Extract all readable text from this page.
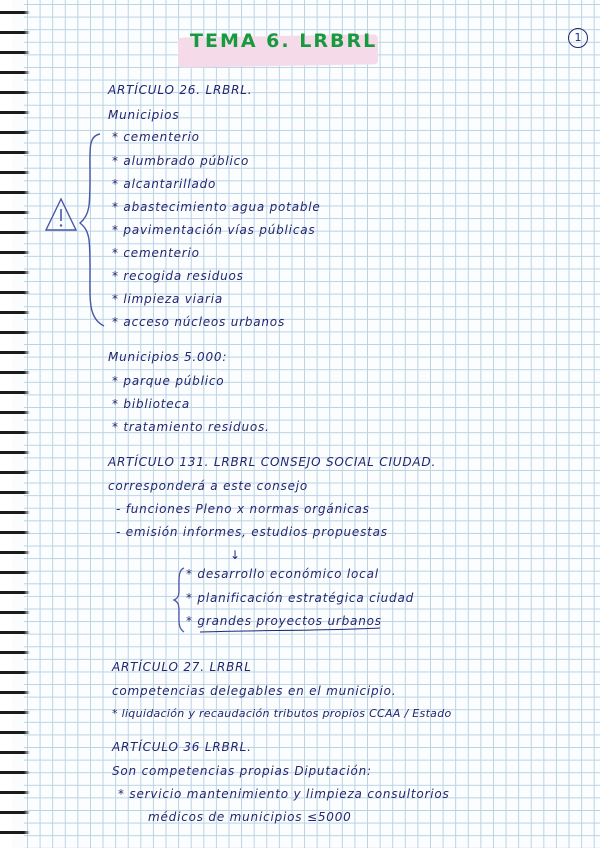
TEMA 6. LRBRL	1
ARTÍCULO 26. LRBRL.
Municipios
* cementerio
* alumbrado público
* alcantarillado
* abastecimiento agua potable
* pavimentación vías públicas
* cementerio
* recogida residuos
* limpieza viaria
* acceso núcleos urbanos
Municipios 5.000:
* parque público
* biblioteca
* tratamiento residuos.
ARTÍCULO 131. LRBRL CONSEJO SOCIAL CIUDAD.
corresponderá a este consejo
- funciones Pleno x normas orgánicas
- emisión informes, estudios propuestas
↓
* desarrollo económico local
* planificación estratégica ciudad
* grandes proyectos urbanos
ARTÍCULO 27. LRBRL
competencias delegables en el municipio.
* liquidación y recaudación tributos propios CCAA / Estado
ARTÍCULO 36 LRBRL.
Son competencias propias Diputación:
* servicio mantenimiento y limpieza consultorios
médicos de municipios ≤5000
